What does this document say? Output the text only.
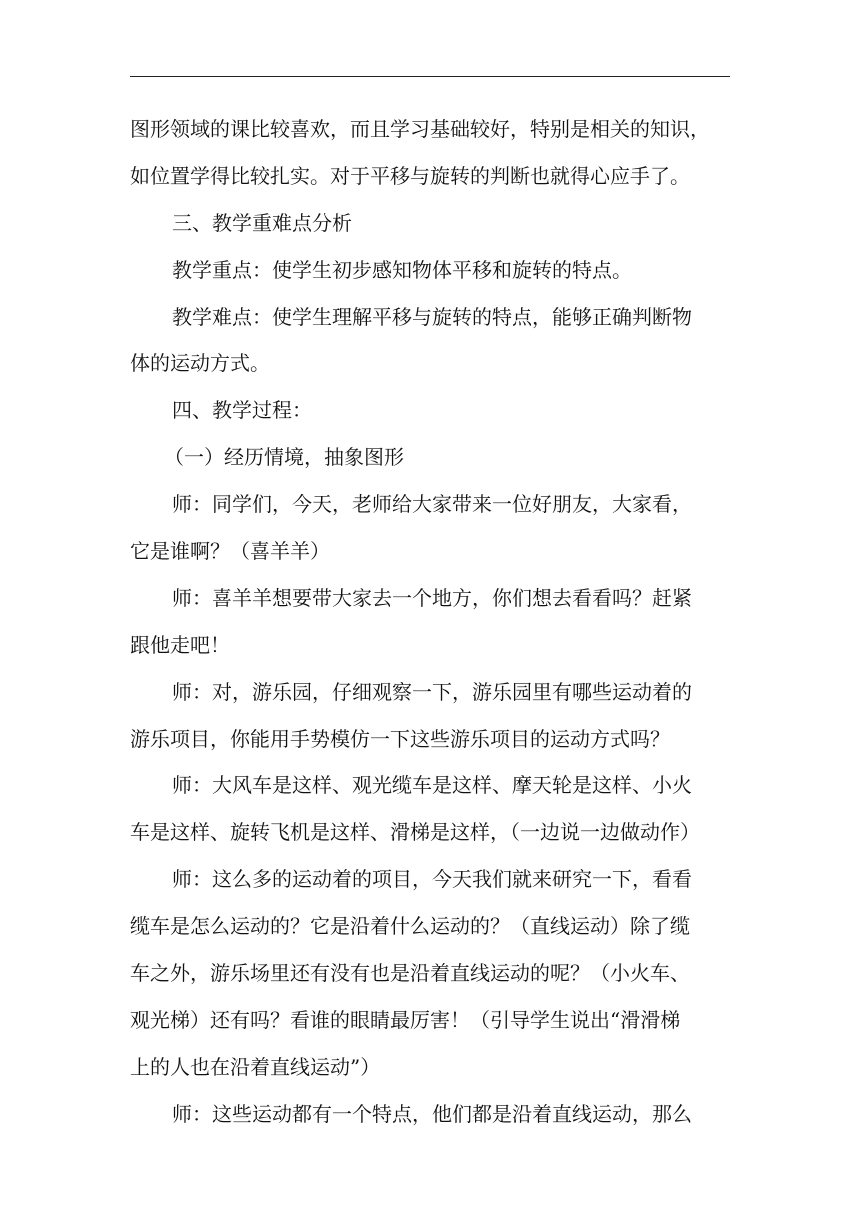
图形领域的课比较喜欢，而且学习基础较好，特别是相关的知识，
如位置学得比较扎实。对于平移与旋转的判断也就得心应手了。
三、教学重难点分析
教学重点：使学生初步感知物体平移和旋转的特点。
教学难点：使学生理解平移与旋转的特点，能够正确判断物
体的运动方式。
四、教学过程：
（一）经历情境，抽象图形
师：同学们，今天，老师给大家带来一位好朋友，大家看，
它是谁啊？（喜羊羊）
师：喜羊羊想要带大家去一个地方，你们想去看看吗？赶紧
跟他走吧！
师：对，游乐园，仔细观察一下，游乐园里有哪些运动着的
游乐项目，你能用手势模仿一下这些游乐项目的运动方式吗？
师：大风车是这样、观光缆车是这样、摩天轮是这样、小火
车是这样、旋转飞机是这样、滑梯是这样，（一边说一边做动作）
师：这么多的运动着的项目，今天我们就来研究一下，看看
缆车是怎么运动的？它是沿着什么运动的？（直线运动）除了缆
车之外，游乐场里还有没有也是沿着直线运动的呢？（小火车、
观光梯）还有吗？看谁的眼睛最厉害！（引导学生说出“滑滑梯
上的人也在沿着直线运动”）
师：这些运动都有一个特点，他们都是沿着直线运动，那么
